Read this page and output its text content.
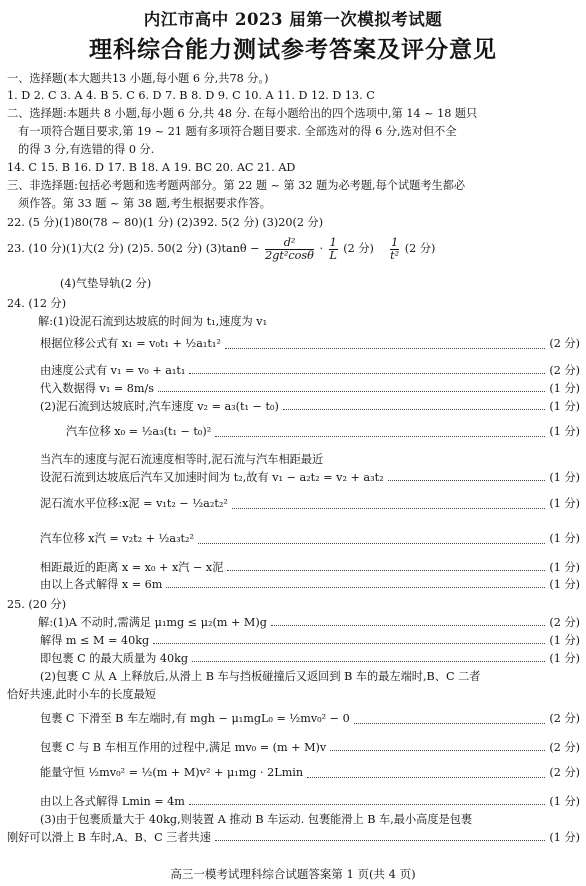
内江市高中 2023 届第一次模拟考试题
理科综合能力测试参考答案及评分意见
一、选择题(本大题共13 小题,每小题 6 分,共78 分。)
1. D 2. C 3. A 4. B 5. C 6. D 7. B 8. D 9. C 10. A 11. D 12. D 13. C
二、选择题:本题共 8 小题,每小题 6 分,共 48 分. 在每小题给出的四个选项中,第 14 ~ 18 题只
有一项符合题目要求,第 19 ~ 21 题有多项符合题目要求. 全部选对的得 6 分,选对但不全
的得 3 分,有选错的得 0 分.
14. C 15. B 16. D 17. B 18. A 19. BC 20. AC 21. AD
三、非选择题:包括必考题和选考题两部分。第 22 题 ~ 第 32 题为必考题,每个试题考生都必
须作答。第 33 题 ~ 第 38 题,考生根据要求作答。
22. (5 分)(1)80(78 ~ 80)(1 分) (2)392. 5(2 分) (3)20(2 分)
23. (10 分)(1)大(2 分) (2)5. 50(2 分) $(3)\tan\theta - \frac{\text{d²}}{\text{2gt²cosθ}} \cdot \frac{1}{L} (2$ 分) $\frac{1}{\text{t²}} (2$ 分)
(4)气垫导轨(2 分)
24. (12 分)
解:(1)设泥石流到达坡底的时间为 t₁,速度为 v₁
根据位移公式有 x₁ = v₀t₁ + ½a₁t₁²	(2 分)
由速度公式有 v₁ = v₀ + a₁t₁	(2 分)
代入数据得 v₁ = 8m/s	(1 分)
(2)泥石流到达坡底时,汽车速度 v₂ = a₃(t₁ − t₀)	(1 分)
汽车位移 x₀ = ½a₃(t₁ − t₀)²	(1 分)
当汽车的速度与泥石流速度相等时,泥石流与汽车相距最近
设泥石流到达坡底后汽车又加速时间为 t₂,故有 v₁ − a₂t₂ = v₂ + a₃t₂	(1 分)
泥石流水平位移:x泥 = v₁t₂ − ½a₂t₂²	(1 分)
汽车位移 x汽 = v₂t₂ + ½a₃t₂²	(1 分)
相距最近的距离 x = x₀ + x汽 − x泥	(1 分)
由以上各式解得 x = 6m	(1 分)
25. (20 分)
解:(1)A 不动时,需满足 μ₁mg ≤ μ₂(m + M)g	(2 分)
解得 m ≤ M = 40kg	(1 分)
即包裹 C 的最大质量为 40kg	(1 分)
(2)包裹 C 从 A 上释放后,从滑上 B 车与挡板碰撞后又返回到 B 车的最左端时,B、C 二者
恰好共速,此时小车的长度最短
包裹 C 下滑至 B 车左端时,有 mgh − μ₁mgL₀ = ½mv₀² − 0	(2 分)
包裹 C 与 B 车相互作用的过程中,满足 mv₀ = (m + M)v	(2 分)
能量守恒 ½mv₀² = ½(m + M)v² + μ₁mg · 2Lmin	(2 分)
由以上各式解得 Lmin = 4m	(1 分)
(3)由于包裹质量大于 40kg,则装置 A 推动 B 车运动. 包裹能滑上 B 车,最小高度是包裹
刚好可以滑上 B 车时,A、B、C 三者共速	(1 分)
高三一模考试理科综合试题答案第 1 页(共 4 页)
